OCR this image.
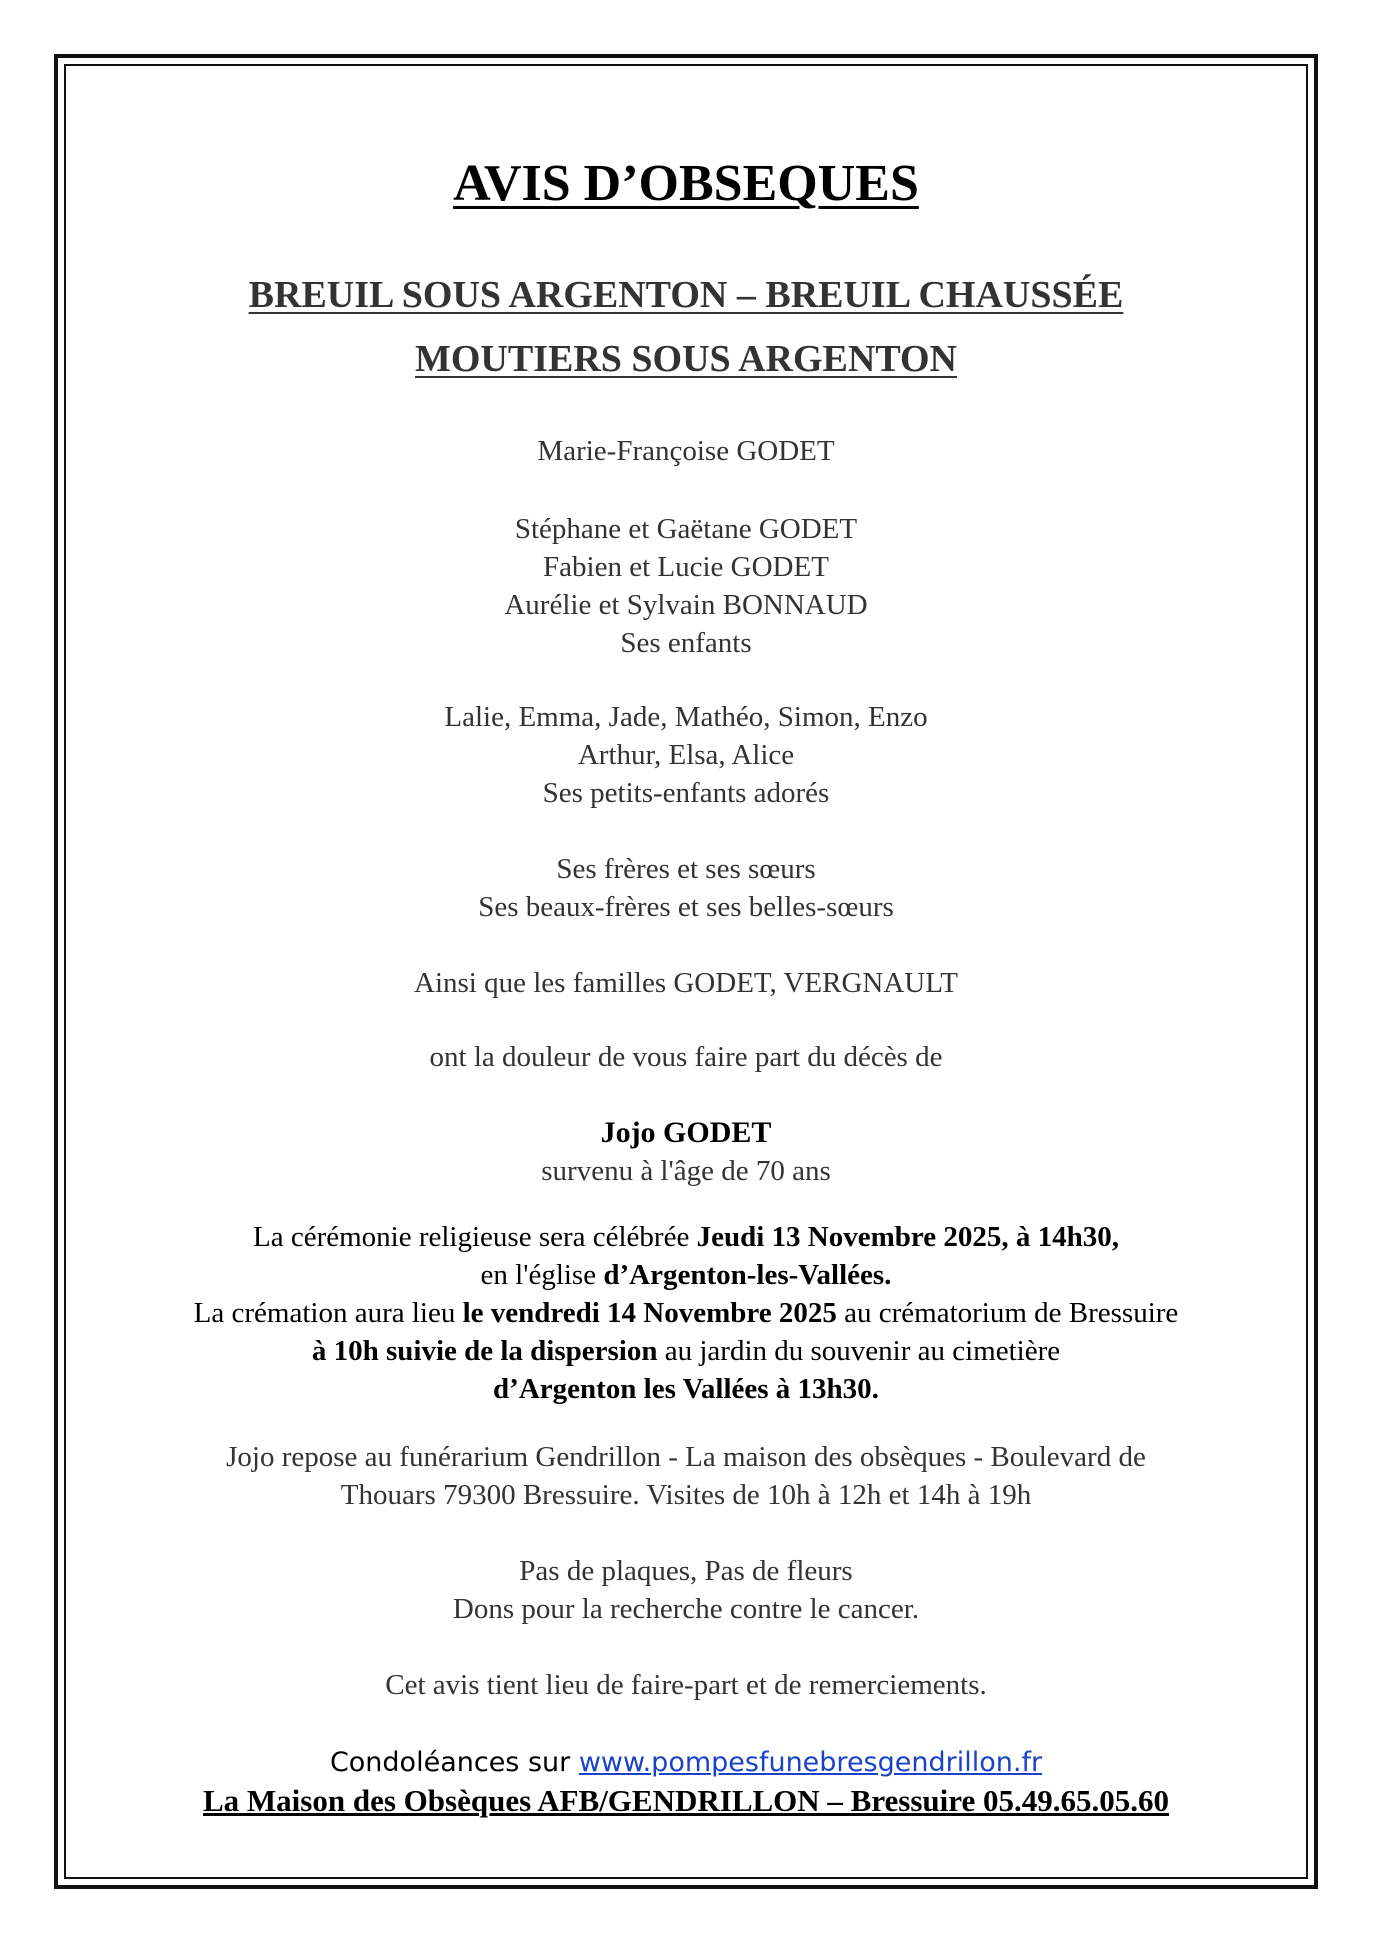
AVIS D’OBSEQUES
BREUIL SOUS ARGENTON – BREUIL CHAUSSÉE
MOUTIERS SOUS ARGENTON
Marie-Françoise GODET
Stéphane et Gaëtane GODET
Fabien et Lucie GODET
Aurélie et Sylvain BONNAUD
Ses enfants
Lalie, Emma, Jade, Mathéo, Simon, Enzo
Arthur, Elsa, Alice
Ses petits-enfants adorés
Ses frères et ses sœurs
Ses beaux-frères et ses belles-sœurs
Ainsi que les familles GODET, VERGNAULT
ont la douleur de vous faire part du décès de
Jojo GODET
survenu à l'âge de 70 ans
La cérémonie religieuse sera célébrée Jeudi 13 Novembre 2025, à 14h30,
en l'église d’Argenton-les-Vallées.
La crémation aura lieu le vendredi 14 Novembre 2025 au crématorium de Bressuire
à 10h suivie de la dispersion au jardin du souvenir au cimetière
d’Argenton les Vallées à 13h30.
Jojo repose au funérarium Gendrillon - La maison des obsèques - Boulevard de
Thouars 79300 Bressuire. Visites de 10h à 12h et 14h à 19h
Pas de plaques, Pas de fleurs
Dons pour la recherche contre le cancer.
Cet avis tient lieu de faire-part et de remerciements.
Condoléances sur www.pompesfunebresgendrillon.fr
La Maison des Obsèques AFB/GENDRILLON – Bressuire 05.49.65.05.60
